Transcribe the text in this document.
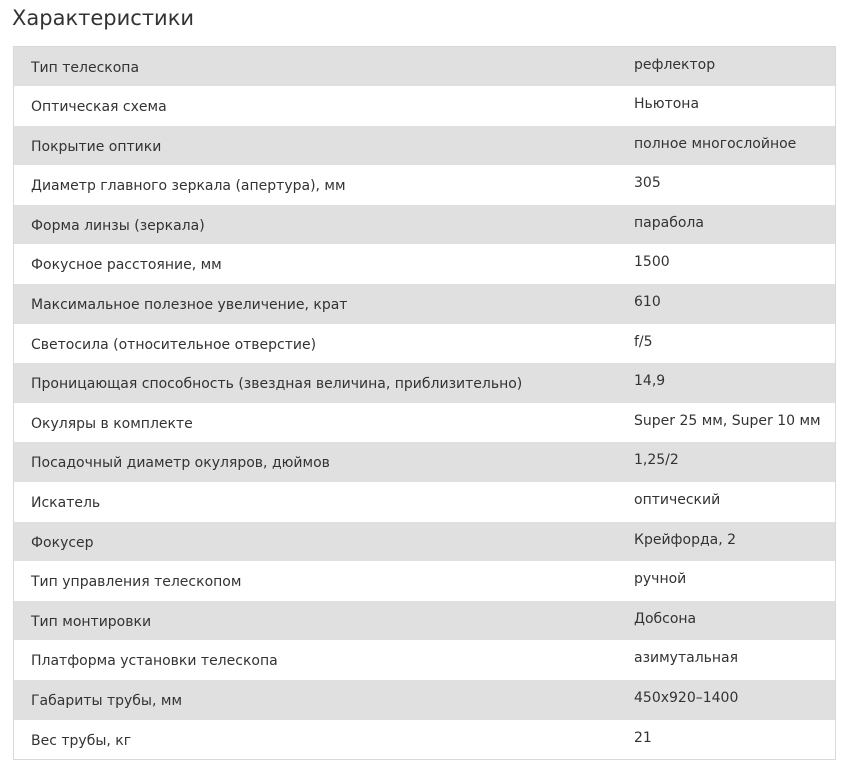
Характеристики
Тип телескопа	рефлектор
Оптическая схема	Ньютона
Покрытие оптики	полное многослойное
Диаметр главного зеркала (апертура), мм	305
Форма линзы (зеркала)	парабола
Фокусное расстояние, мм	1500
Максимальное полезное увеличение, крат	610
Светосила (относительное отверстие)	f/5
Проницающая способность (звездная величина, приблизительно)	14,9
Окуляры в комплекте	Super 25 мм, Super 10 мм
Посадочный диаметр окуляров, дюймов	1,25/2
Искатель	оптический
Фокусер	Крейфорда, 2
Тип управления телескопом	ручной
Тип монтировки	Добсона
Платформа установки телескопа	азимутальная
Габариты трубы, мм	450х920–1400
Вес трубы, кг	21
